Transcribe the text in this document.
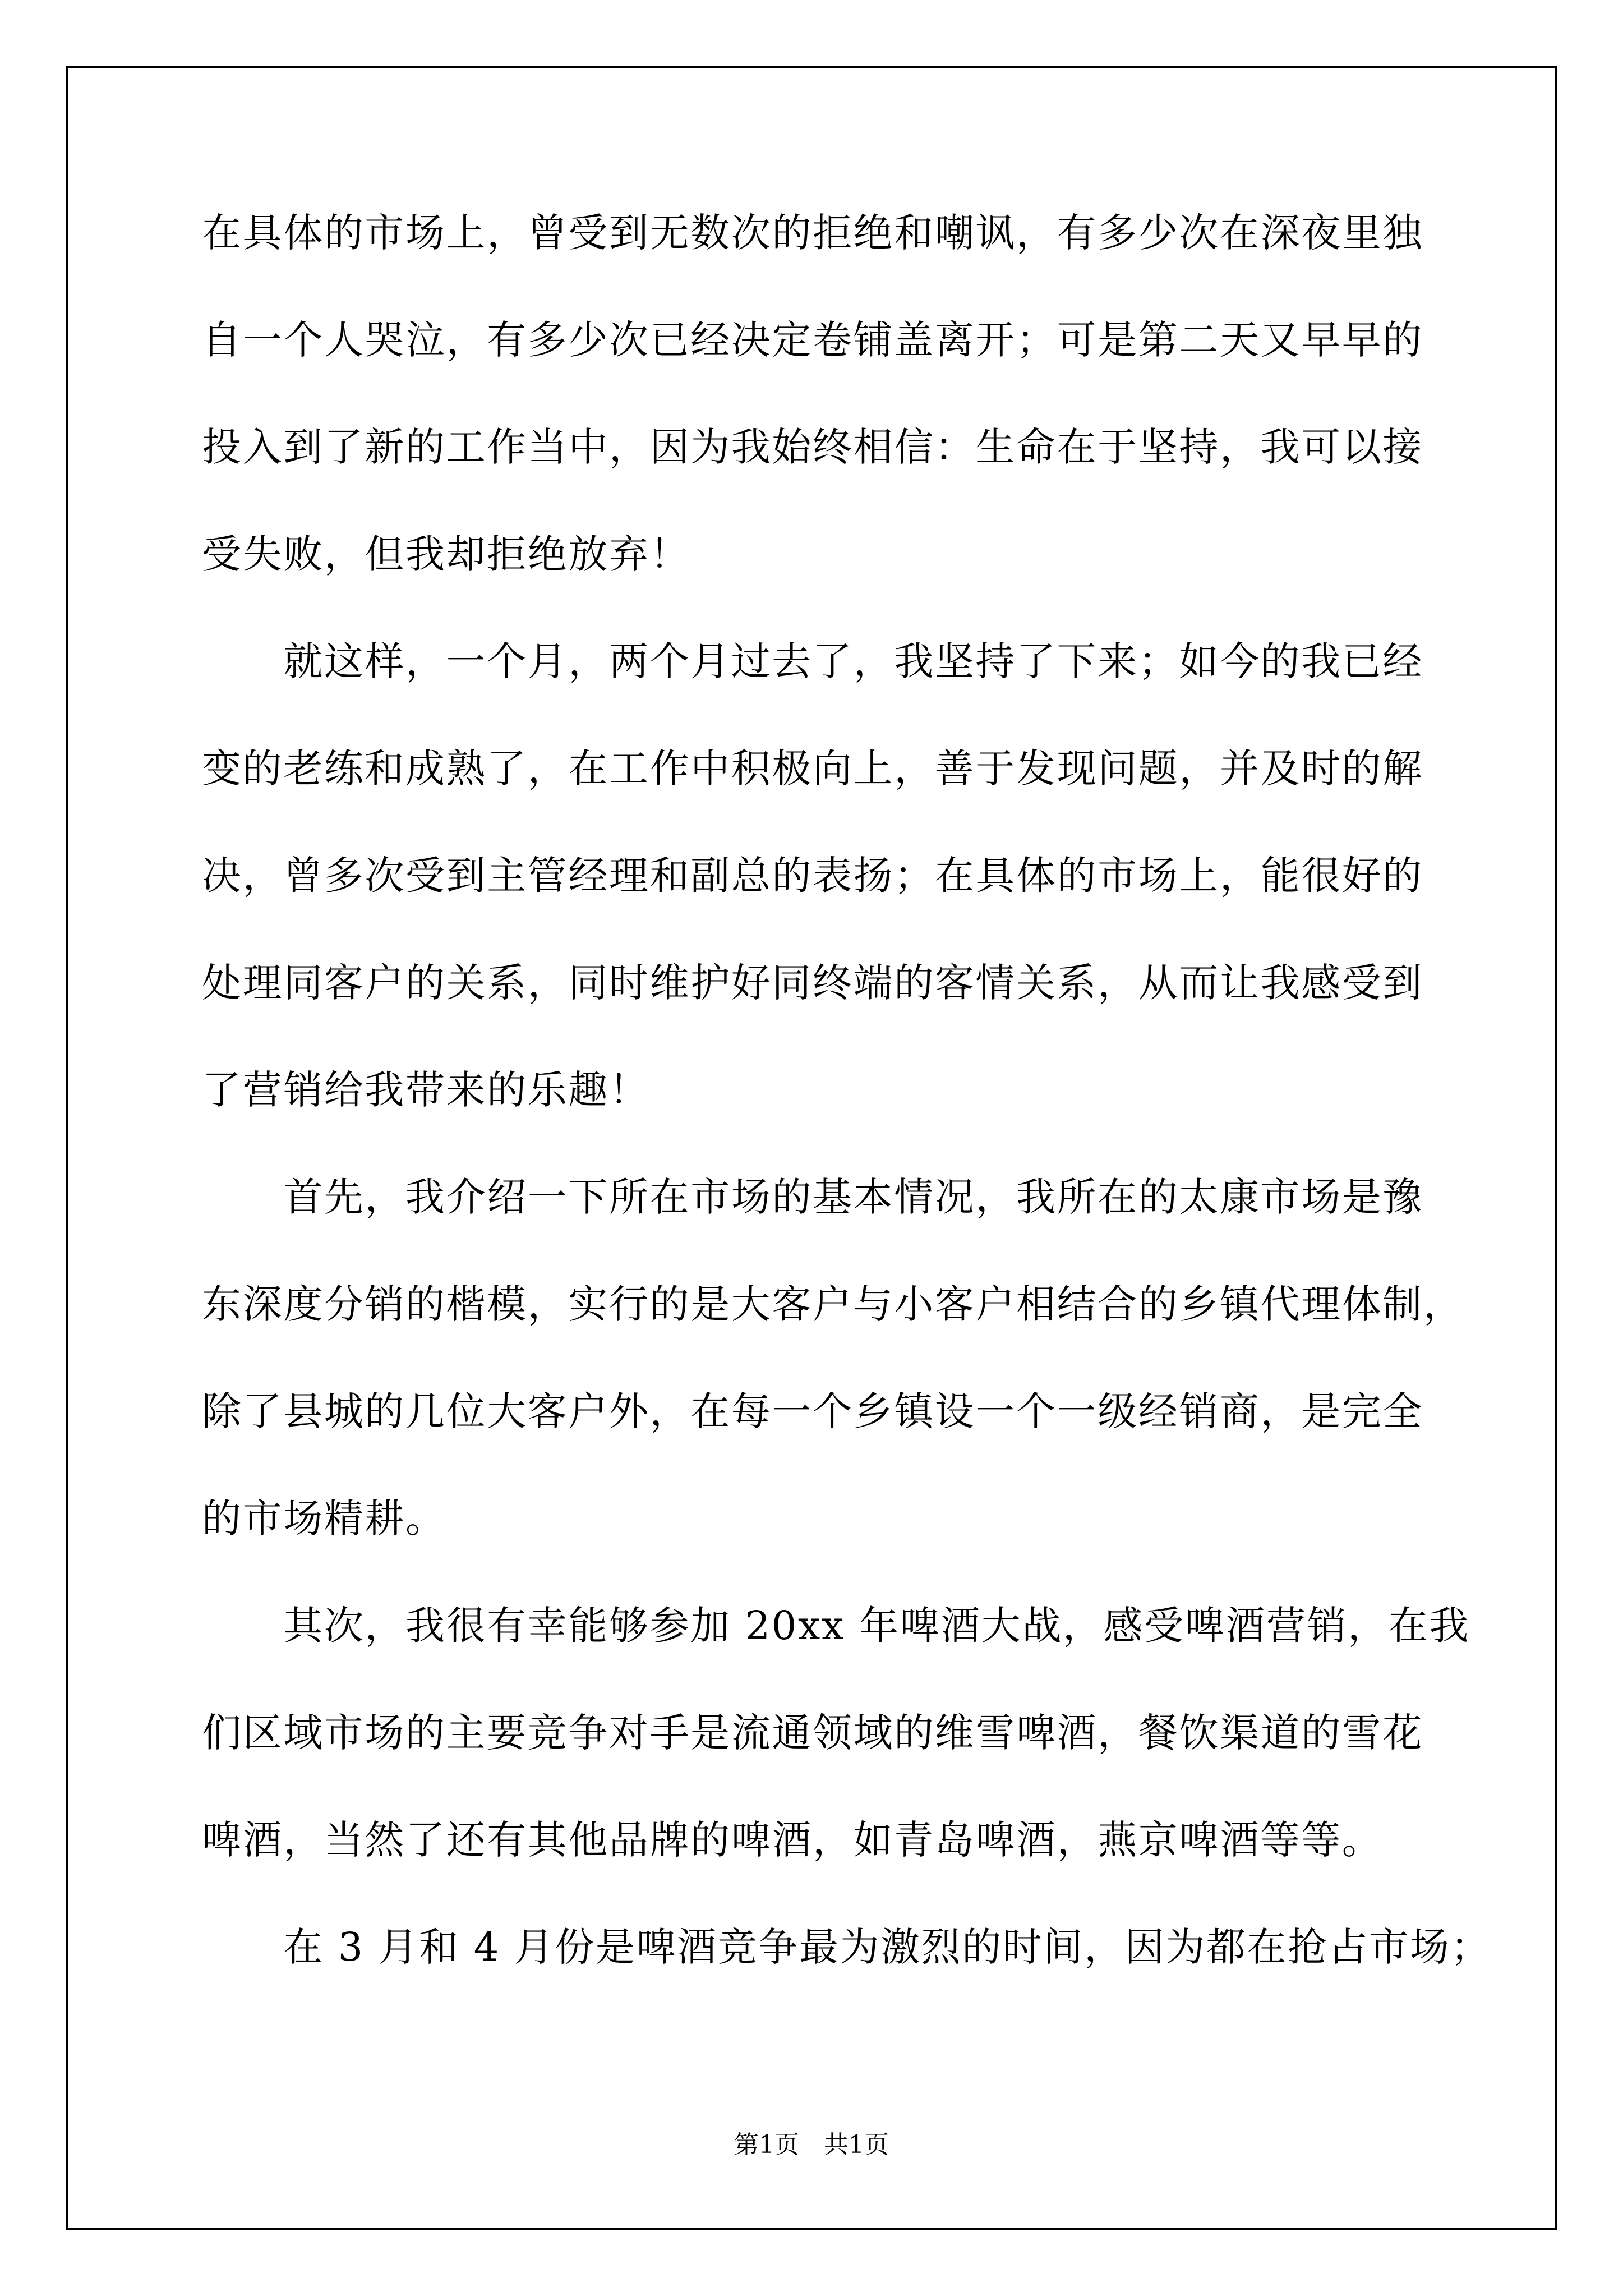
在具体的市场上，曾受到无数次的拒绝和嘲讽，有多少次在深夜里独
自一个人哭泣，有多少次已经决定卷铺盖离开；可是第二天又早早的
投入到了新的工作当中，因为我始终相信：生命在于坚持，我可以接
受失败，但我却拒绝放弃！
　　就这样，一个月，两个月过去了，我坚持了下来；如今的我已经
变的老练和成熟了，在工作中积极向上，善于发现问题，并及时的解
决，曾多次受到主管经理和副总的表扬；在具体的市场上，能很好的
处理同客户的关系，同时维护好同终端的客情关系，从而让我感受到
了营销给我带来的乐趣！
　　首先，我介绍一下所在市场的基本情况，我所在的太康市场是豫
东深度分销的楷模，实行的是大客户与小客户相结合的乡镇代理体制，
除了县城的几位大客户外，在每一个乡镇设一个一级经销商，是完全
的市场精耕。
　　其次，我很有幸能够参加 20xx 年啤酒大战，感受啤酒营销，在我
们区域市场的主要竞争对手是流通领域的维雪啤酒，餐饮渠道的雪花
啤酒，当然了还有其他品牌的啤酒，如青岛啤酒，燕京啤酒等等。
　　在 3 月和 4 月份是啤酒竞争最为激烈的时间，因为都在抢占市场；
第1页　共1页
